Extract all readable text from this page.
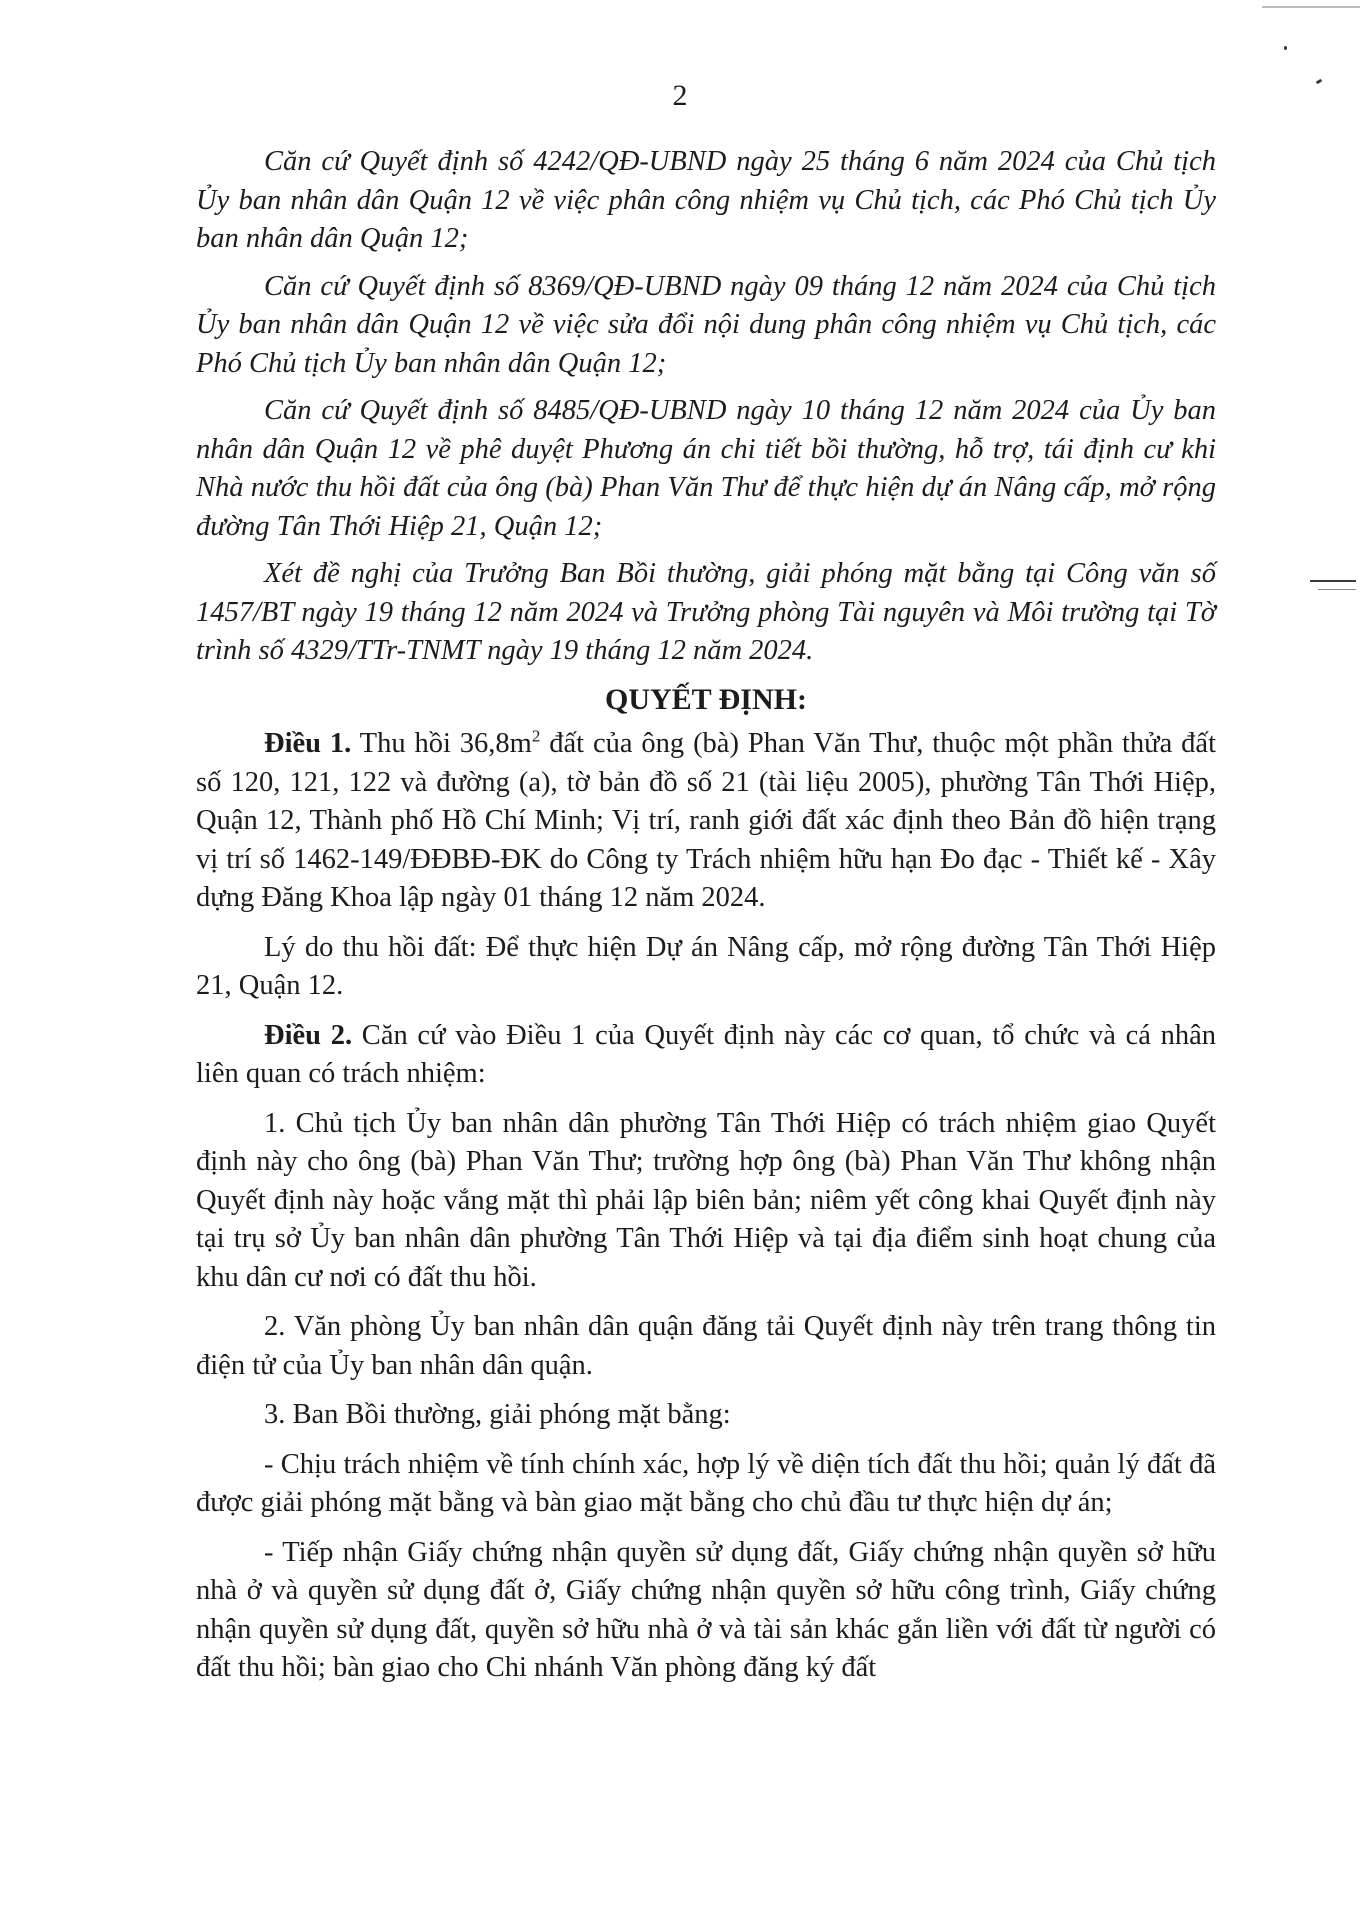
2

Căn cứ Quyết định số 4242/QĐ-UBND ngày 25 tháng 6 năm 2024 của Chủ tịch Ủy ban nhân dân Quận 12 về việc phân công nhiệm vụ Chủ tịch, các Phó Chủ tịch Ủy ban nhân dân Quận 12;

Căn cứ Quyết định số 8369/QĐ-UBND ngày 09 tháng 12 năm 2024 của Chủ tịch Ủy ban nhân dân Quận 12 về việc sửa đổi nội dung phân công nhiệm vụ Chủ tịch, các Phó Chủ tịch Ủy ban nhân dân Quận 12;

Căn cứ Quyết định số 8485/QĐ-UBND ngày 10 tháng 12 năm 2024 của Ủy ban nhân dân Quận 12 về phê duyệt Phương án chi tiết bồi thường, hỗ trợ, tái định cư khi Nhà nước thu hồi đất của ông (bà) Phan Văn Thư để thực hiện dự án Nâng cấp, mở rộng đường Tân Thới Hiệp 21, Quận 12;

Xét đề nghị của Trưởng Ban Bồi thường, giải phóng mặt bằng tại Công văn số 1457/BT ngày 19 tháng 12 năm 2024 và Trưởng phòng Tài nguyên và Môi trường tại Tờ trình số 4329/TTr-TNMT ngày 19 tháng 12 năm 2024.

QUYẾT ĐỊNH:

Điều 1. Thu hồi $36,8m^2$ đất của ông (bà) Phan Văn Thư, thuộc một phần thửa đất số 120, 121, 122 và đường (a), tờ bản đồ số 21 (tài liệu 2005), phường Tân Thới Hiệp, Quận 12, Thành phố Hồ Chí Minh; Vị trí, ranh giới đất xác định theo Bản đồ hiện trạng vị trí số 1462-149/ĐĐBĐ-ĐK do Công ty Trách nhiệm hữu hạn Đo đạc - Thiết kế - Xây dựng Đăng Khoa lập ngày 01 tháng 12 năm 2024.

Lý do thu hồi đất: Để thực hiện Dự án Nâng cấp, mở rộng đường Tân Thới Hiệp 21, Quận 12.

Điều 2. Căn cứ vào Điều 1 của Quyết định này các cơ quan, tổ chức và cá nhân liên quan có trách nhiệm:

1. Chủ tịch Ủy ban nhân dân phường Tân Thới Hiệp có trách nhiệm giao Quyết định này cho ông (bà) Phan Văn Thư; trường hợp ông (bà) Phan Văn Thư không nhận Quyết định này hoặc vắng mặt thì phải lập biên bản; niêm yết công khai Quyết định này tại trụ sở Ủy ban nhân dân phường Tân Thới Hiệp và tại địa điểm sinh hoạt chung của khu dân cư nơi có đất thu hồi.

2. Văn phòng Ủy ban nhân dân quận đăng tải Quyết định này trên trang thông tin điện tử của Ủy ban nhân dân quận.

3. Ban Bồi thường, giải phóng mặt bằng:

- Chịu trách nhiệm về tính chính xác, hợp lý về diện tích đất thu hồi; quản lý đất đã được giải phóng mặt bằng và bàn giao mặt bằng cho chủ đầu tư thực hiện dự án;

- Tiếp nhận Giấy chứng nhận quyền sử dụng đất, Giấy chứng nhận quyền sở hữu nhà ở và quyền sử dụng đất ở, Giấy chứng nhận quyền sở hữu công trình, Giấy chứng nhận quyền sử dụng đất, quyền sở hữu nhà ở và tài sản khác gắn liền với đất từ người có đất thu hồi; bàn giao cho Chi nhánh Văn phòng đăng ký đất
